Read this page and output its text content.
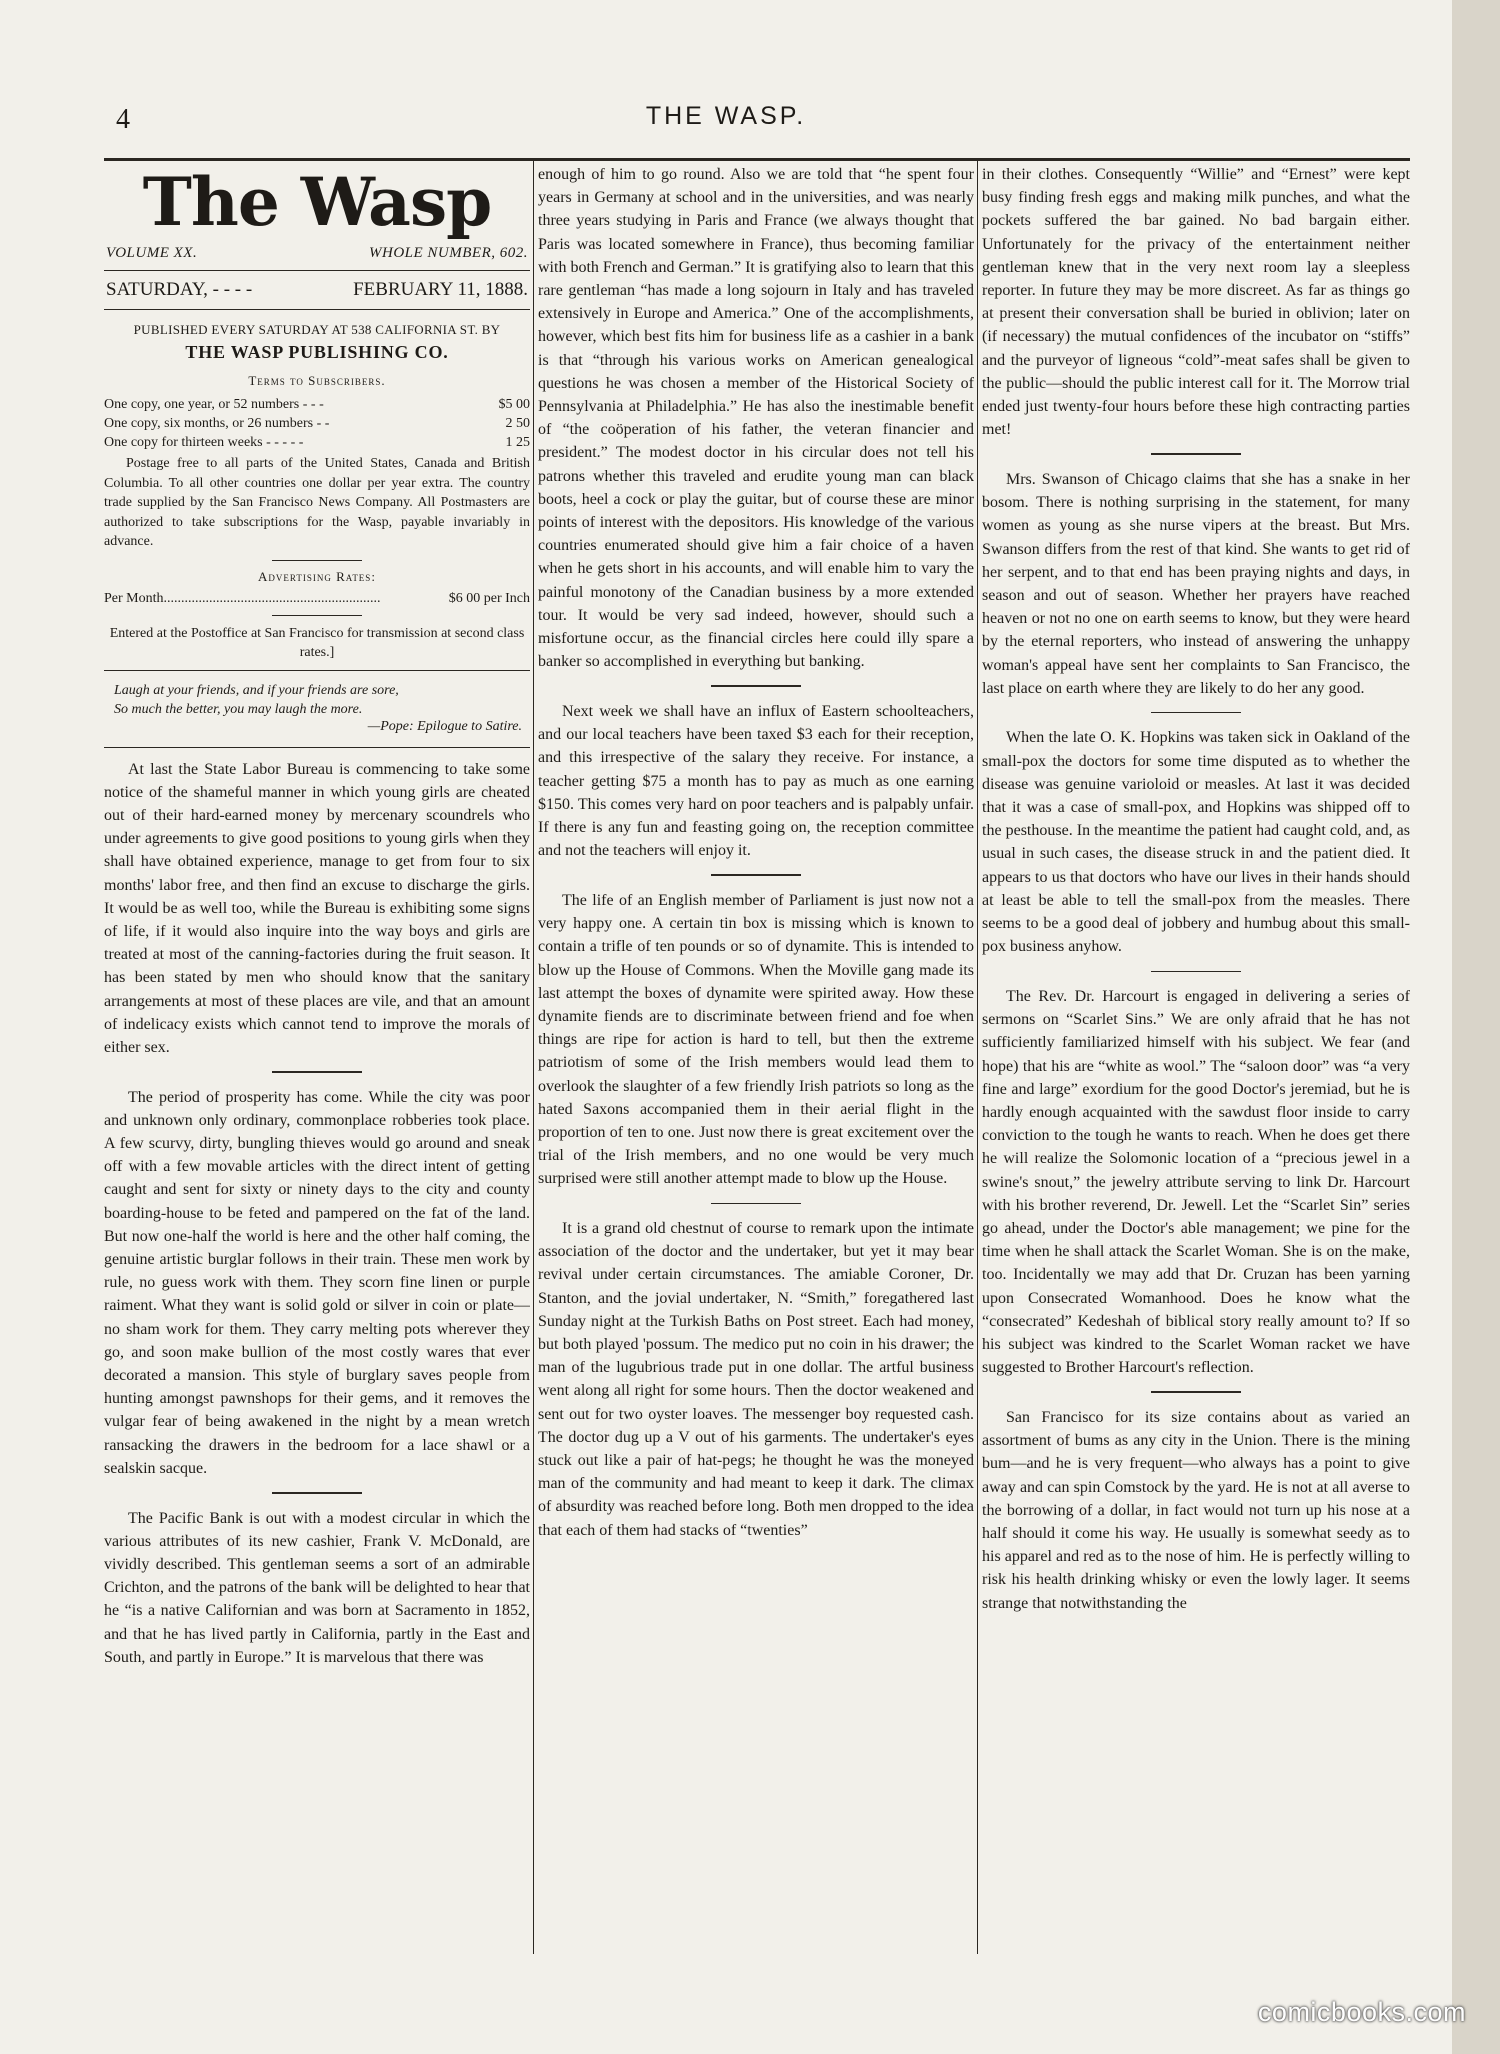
4	THE WASP.
The Wasp
VOLUME XX.	WHOLE NUMBER, 602.
SATURDAY, - - - -	FEBRUARY 11, 1888.
PUBLISHED EVERY SATURDAY AT 538 CALIFORNIA ST. BY
THE WASP PUBLISHING CO.
Terms to Subscribers.
One copy, one year, or 52 numbers - - -	$5 00
One copy, six months, or 26 numbers - -	2 50
One copy for thirteen weeks - - - - -	1 25

Postage free to all parts of the United States, Canada and British Columbia. To all other countries one dollar per year extra. The country trade supplied by the San Francisco News Company. All Postmasters are authorized to take subscriptions for the Wasp, payable invariably in advance.

Advertising Rates:
Per Month ..............................................................	$6 00 per Inch
Entered at the Postoffice at San Francisco for transmission at second class rates.]
Laugh at your friends, and if your friends are sore,
So much the better, you may laugh the more.
—Pope: Epilogue to Satire.

At last the State Labor Bureau is commencing to take some notice of the shameful manner in which young girls are cheated out of their hard-earned money by mercenary scoundrels who under agreements to give good positions to young girls when they shall have obtained experience, manage to get from four to six months' labor free, and then find an excuse to discharge the girls. It would be as well too, while the Bureau is exhibiting some signs of life, if it would also inquire into the way boys and girls are treated at most of the canning-factories during the fruit season. It has been stated by men who should know that the sanitary arrangements at most of these places are vile, and that an amount of indelicacy exists which cannot tend to improve the morals of either sex.

The period of prosperity has come. While the city was poor and unknown only ordinary, commonplace robberies took place. A few scurvy, dirty, bungling thieves would go around and sneak off with a few movable articles with the direct intent of getting caught and sent for sixty or ninety days to the city and county boarding-house to be feted and pampered on the fat of the land. But now one-half the world is here and the other half coming, the genuine artistic burglar follows in their train. These men work by rule, no guess work with them. They scorn fine linen or purple raiment. What they want is solid gold or silver in coin or plate—no sham work for them. They carry melting pots wherever they go, and soon make bullion of the most costly wares that ever decorated a mansion. This style of burglary saves people from hunting amongst pawnshops for their gems, and it removes the vulgar fear of being awakened in the night by a mean wretch ransacking the drawers in the bedroom for a lace shawl or a sealskin sacque.

The Pacific Bank is out with a modest circular in which the various attributes of its new cashier, Frank V. McDonald, are vividly described. This gentleman seems a sort of an admirable Crichton, and the patrons of the bank will be delighted to hear that he “is a native Californian and was born at Sacramento in 1852, and that he has lived partly in California, partly in the East and South, and partly in Europe.” It is marvelous that there was

enough of him to go round. Also we are told that “he spent four years in Germany at school and in the universities, and was nearly three years studying in Paris and France (we always thought that Paris was located somewhere in France), thus becoming familiar with both French and German.” It is gratifying also to learn that this rare gentleman “has made a long sojourn in Italy and has traveled extensively in Europe and America.” One of the accomplishments, however, which best fits him for business life as a cashier in a bank is that “through his various works on American genealogical questions he was chosen a member of the Historical Society of Pennsylvania at Philadelphia.” He has also the inestimable benefit of “the coöperation of his father, the veteran financier and president.” The modest doctor in his circular does not tell his patrons whether this traveled and erudite young man can black boots, heel a cock or play the guitar, but of course these are minor points of interest with the depositors. His knowledge of the various countries enumerated should give him a fair choice of a haven when he gets short in his accounts, and will enable him to vary the painful monotony of the Canadian business by a more extended tour. It would be very sad indeed, however, should such a misfortune occur, as the financial circles here could illy spare a banker so accomplished in everything but banking.

Next week we shall have an influx of Eastern schoolteachers, and our local teachers have been taxed $3 each for their reception, and this irrespective of the salary they receive. For instance, a teacher getting $75 a month has to pay as much as one earning $150. This comes very hard on poor teachers and is palpably unfair. If there is any fun and feasting going on, the reception committee and not the teachers will enjoy it.

The life of an English member of Parliament is just now not a very happy one. A certain tin box is missing which is known to contain a trifle of ten pounds or so of dynamite. This is intended to blow up the House of Commons. When the Moville gang made its last attempt the boxes of dynamite were spirited away. How these dynamite fiends are to discriminate between friend and foe when things are ripe for action is hard to tell, but then the extreme patriotism of some of the Irish members would lead them to overlook the slaughter of a few friendly Irish patriots so long as the hated Saxons accompanied them in their aerial flight in the proportion of ten to one. Just now there is great excitement over the trial of the Irish members, and no one would be very much surprised were still another attempt made to blow up the House.

It is a grand old chestnut of course to remark upon the intimate association of the doctor and the undertaker, but yet it may bear revival under certain circumstances. The amiable Coroner, Dr. Stanton, and the jovial undertaker, N. “Smith,” foregathered last Sunday night at the Turkish Baths on Post street. Each had money, but both played 'possum. The medico put no coin in his drawer; the man of the lugubrious trade put in one dollar. The artful business went along all right for some hours. Then the doctor weakened and sent out for two oyster loaves. The messenger boy requested cash. The doctor dug up a V out of his garments. The undertaker's eyes stuck out like a pair of hat-pegs; he thought he was the moneyed man of the community and had meant to keep it dark. The climax of absurdity was reached before long. Both men dropped to the idea that each of them had stacks of “twenties”

in their clothes. Consequently “Willie” and “Ernest” were kept busy finding fresh eggs and making milk punches, and what the pockets suffered the bar gained. No bad bargain either. Unfortunately for the privacy of the entertainment neither gentleman knew that in the very next room lay a sleepless reporter. In future they may be more discreet. As far as things go at present their conversation shall be buried in oblivion; later on (if necessary) the mutual confidences of the incubator on “stiffs” and the purveyor of ligneous “cold”-meat safes shall be given to the public—should the public interest call for it. The Morrow trial ended just twenty-four hours before these high contracting parties met!

Mrs. Swanson of Chicago claims that she has a snake in her bosom. There is nothing surprising in the statement, for many women as young as she nurse vipers at the breast. But Mrs. Swanson differs from the rest of that kind. She wants to get rid of her serpent, and to that end has been praying nights and days, in season and out of season. Whether her prayers have reached heaven or not no one on earth seems to know, but they were heard by the eternal reporters, who instead of answering the unhappy woman's appeal have sent her complaints to San Francisco, the last place on earth where they are likely to do her any good.

When the late O. K. Hopkins was taken sick in Oakland of the small-pox the doctors for some time disputed as to whether the disease was genuine varioloid or measles. At last it was decided that it was a case of small-pox, and Hopkins was shipped off to the pesthouse. In the meantime the patient had caught cold, and, as usual in such cases, the disease struck in and the patient died. It appears to us that doctors who have our lives in their hands should at least be able to tell the small-pox from the measles. There seems to be a good deal of jobbery and humbug about this small-pox business anyhow.

The Rev. Dr. Harcourt is engaged in delivering a series of sermons on “Scarlet Sins.” We are only afraid that he has not sufficiently familiarized himself with his subject. We fear (and hope) that his are “white as wool.” The “saloon door” was “a very fine and large” exordium for the good Doctor's jeremiad, but he is hardly enough acquainted with the sawdust floor inside to carry conviction to the tough he wants to reach. When he does get there he will realize the Solomonic location of a “precious jewel in a swine's snout,” the jewelry attribute serving to link Dr. Harcourt with his brother reverend, Dr. Jewell. Let the “Scarlet Sin” series go ahead, under the Doctor's able management; we pine for the time when he shall attack the Scarlet Woman. She is on the make, too. Incidentally we may add that Dr. Cruzan has been yarning upon Consecrated Womanhood. Does he know what the “consecrated” Kedeshah of biblical story really amount to? If so his subject was kindred to the Scarlet Woman racket we have suggested to Brother Harcourt's reflection.

San Francisco for its size contains about as varied an assortment of bums as any city in the Union. There is the mining bum—and he is very frequent—who always has a point to give away and can spin Comstock by the yard. He is not at all averse to the borrowing of a dollar, in fact would not turn up his nose at a half should it come his way. He usually is somewhat seedy as to his apparel and red as to the nose of him. He is perfectly willing to risk his health drinking whisky or even the lowly lager. It seems strange that notwithstanding the

comicbooks.com
